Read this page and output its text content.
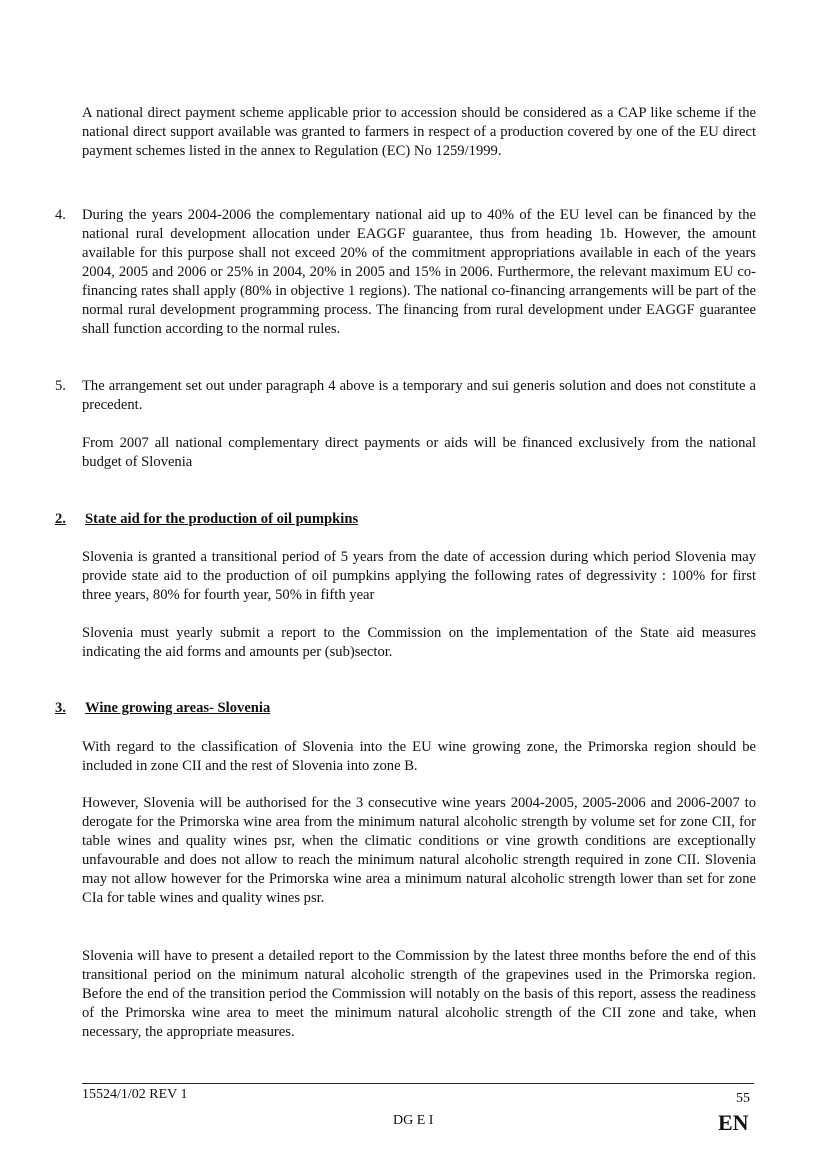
A national direct payment scheme applicable prior to accession should be considered as a CAP like scheme if the national direct support available was granted to farmers in respect of a production covered by one of the EU direct payment schemes listed in the annex to Regulation (EC) No 1259/1999.

4. During the years 2004-2006 the complementary national aid up to 40% of the EU level can be financed by the national rural development allocation under EAGGF guarantee, thus from heading 1b. However, the amount available for this purpose shall not exceed 20% of the commitment appropriations available in each of the years 2004, 2005 and 2006 or 25% in 2004, 20% in 2005 and 15% in 2006. Furthermore, the relevant maximum EU co-financing rates shall apply (80% in objective 1 regions). The national co-financing arrangements will be part of the normal rural development programming process. The financing from rural development under EAGGF guarantee shall function according to the normal rules.

5. The arrangement set out under paragraph 4 above is a temporary and sui generis solution and does not constitute a precedent.

From 2007 all national complementary direct payments or aids will be financed exclusively from the national budget of Slovenia

2. State aid for the production of oil pumpkins

Slovenia is granted a transitional period of 5 years from the date of accession during which period Slovenia may provide state aid to the production of oil pumpkins applying the following rates of degressivity : 100% for first three years, 80% for fourth year, 50% in fifth year

Slovenia must yearly submit a report to the Commission on the implementation of the State aid measures indicating the aid forms and amounts per (sub)sector.

3. Wine growing areas- Slovenia

With regard to the classification of Slovenia into the EU wine growing zone, the Primorska region should be included in zone CII and the rest of Slovenia into zone B.

However, Slovenia will be authorised for the 3 consecutive wine years 2004-2005, 2005-2006 and 2006-2007 to derogate for the Primorska wine area from the minimum natural alcoholic strength by volume set for zone CII, for table wines and quality wines psr, when the climatic conditions or vine growth conditions are exceptionally unfavourable and does not allow to reach the minimum natural alcoholic strength required in zone CII. Slovenia may not allow however for the Primorska wine area a minimum natural alcoholic strength lower than set for zone CIa for table wines and quality wines psr.

Slovenia will have to present a detailed report to the Commission by the latest three months before the end of this transitional period on the minimum natural alcoholic strength of the grapevines used in the Primorska region. Before the end of the transition period the Commission will notably on the basis of this report, assess the readiness of the Primorska wine area to meet the minimum natural alcoholic strength of the CII zone and take, when necessary, the appropriate measures.

15524/1/02 REV 1	55
DG E I	EN
